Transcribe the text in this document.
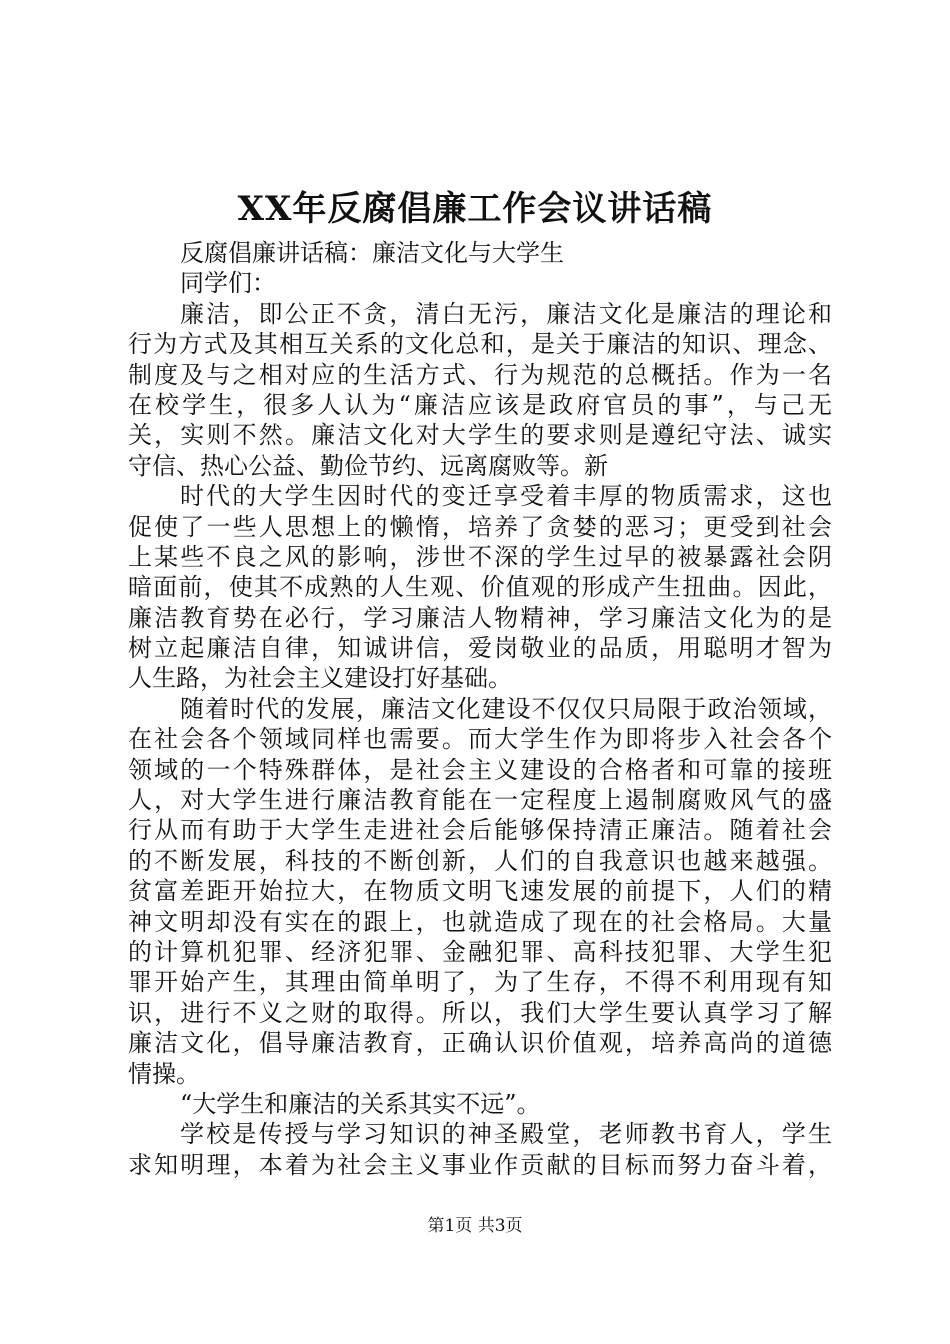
XX年反腐倡廉工作会议讲话稿
反腐倡廉讲话稿：廉洁文化与大学生
同学们：
廉洁，即公正不贪，清白无污，廉洁文化是廉洁的理论和
行为方式及其相互关系的文化总和，是关于廉洁的知识、理念、
制度及与之相对应的生活方式、行为规范的总概括。作为一名
在校学生，很多人认为“廉洁应该是政府官员的事”，与己无
关，实则不然。廉洁文化对大学生的要求则是遵纪守法、诚实
守信、热心公益、勤俭节约、远离腐败等。新
时代的大学生因时代的变迁享受着丰厚的物质需求，这也
促使了一些人思想上的懒惰，培养了贪婪的恶习；更受到社会
上某些不良之风的影响，涉世不深的学生过早的被暴露社会阴
暗面前，使其不成熟的人生观、价值观的形成产生扭曲。因此，
廉洁教育势在必行，学习廉洁人物精神，学习廉洁文化为的是
树立起廉洁自律，知诚讲信，爱岗敬业的品质，用聪明才智为
人生路，为社会主义建设打好基础。
随着时代的发展，廉洁文化建设不仅仅只局限于政治领域，
在社会各个领域同样也需要。而大学生作为即将步入社会各个
领域的一个特殊群体，是社会主义建设的合格者和可靠的接班
人，对大学生进行廉洁教育能在一定程度上遏制腐败风气的盛
行从而有助于大学生走进社会后能够保持清正廉洁。随着社会
的不断发展，科技的不断创新，人们的自我意识也越来越强。
贫富差距开始拉大，在物质文明飞速发展的前提下，人们的精
神文明却没有实在的跟上，也就造成了现在的社会格局。大量
的计算机犯罪、经济犯罪、金融犯罪、高科技犯罪、大学生犯
罪开始产生，其理由简单明了，为了生存，不得不利用现有知
识，进行不义之财的取得。所以，我们大学生要认真学习了解
廉洁文化，倡导廉洁教育，正确认识价值观，培养高尚的道德
情操。
“大学生和廉洁的关系其实不远”。
学校是传授与学习知识的神圣殿堂，老师教书育人，学生
求知明理，本着为社会主义事业作贡献的目标而努力奋斗着，
第1页 共3页
